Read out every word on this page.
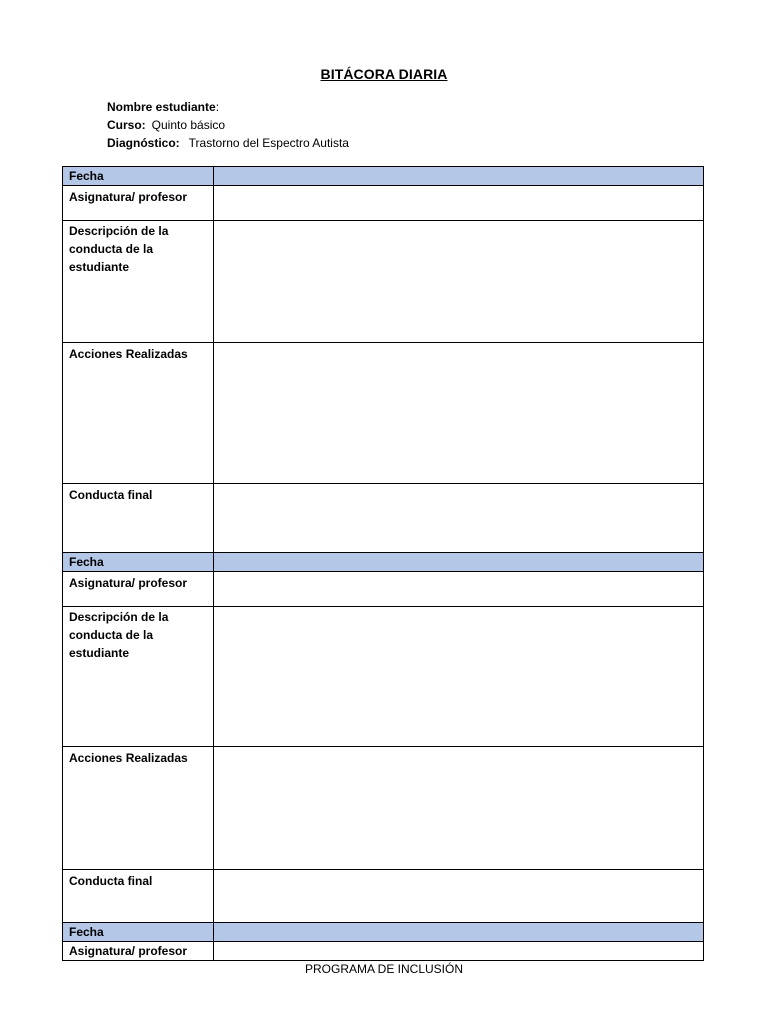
BITÁCORA DIARIA
Nombre estudiante:
Curso: Quinto básico
Diagnóstico: Trastorno del Espectro Autista
Fecha	
Asignatura/ profesor	
Descripción de la conducta de la estudiante	
Acciones Realizadas	
Conducta final	
Fecha	
Asignatura/ profesor	
Descripción de la conducta de la estudiante	
Acciones Realizadas	
Conducta final	
Fecha	
Asignatura/ profesor	
PROGRAMA DE INCLUSIÓN
